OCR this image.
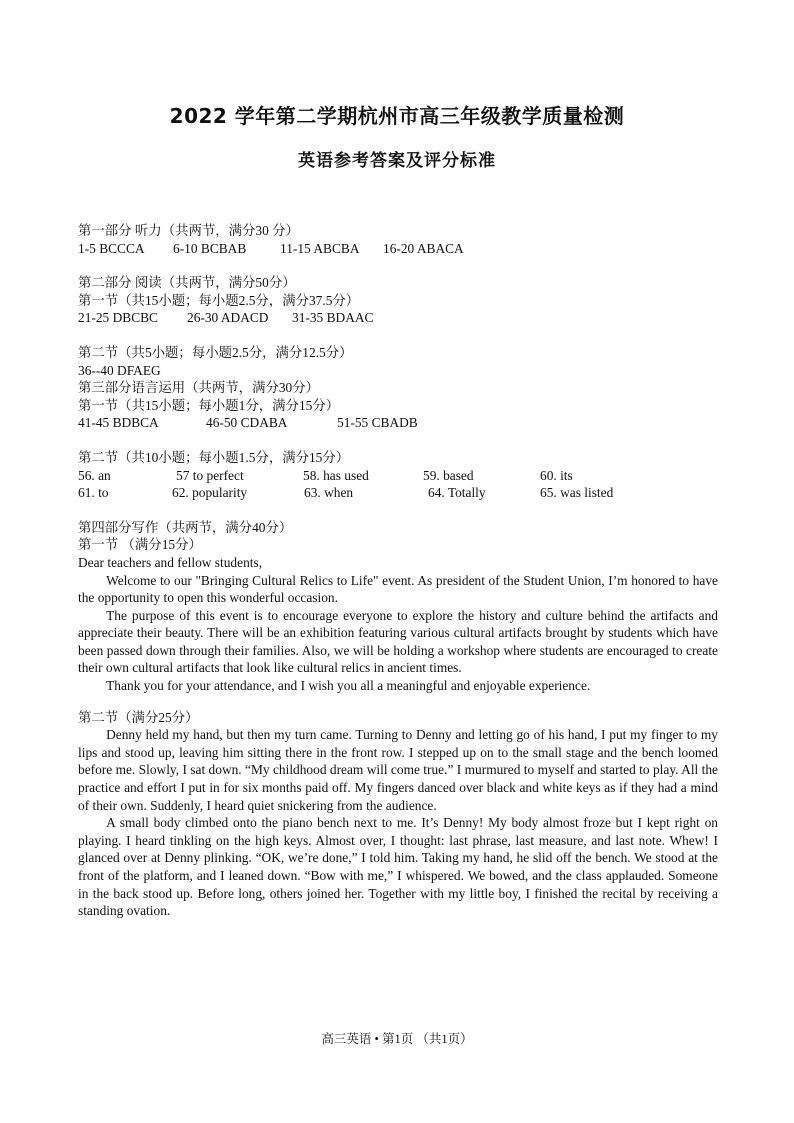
2022 学年第二学期杭州市高三年级教学质量检测
英语参考答案及评分标准
第一部分 听力（共两节，满分30 分）
1-5 BCCCA 6-10 BCBAB	11-15 ABCBA 16-20 ABACA
第二部分 阅读（共两节，满分50分）
第一节（共15小题；每小题2.5分，满分37.5分）
21-25 DBCBC 26-30 ADACD 31-35 BDAAC
第二节（共5小题；每小题2.5分，满分12.5分）
36--40 DFAEG
第三部分语言运用（共两节，满分30分）
第一节（共15小题；每小题1分，满分15分）
41-45 BDBCA	46-50 CDABA	51-55 CBADB
第二节（共10小题；每小题1.5分，满分15分）
56. an	57 to perfect	58. has used	59. based	60. its
61. to	62. popularity	63. when	64. Totally	65. was listed
第四部分写作（共两节，满分40分）
第一节 （满分15分）
Dear teachers and fellow students,

Welcome to our "Bringing Cultural Relics to Life" event. As president of the Student Union, I’m honored to have the opportunity to open this wonderful occasion.

The purpose of this event is to encourage everyone to explore the history and culture behind the artifacts and appreciate their beauty. There will be an exhibition featuring various cultural artifacts brought by students which have been passed down through their families. Also, we will be holding a workshop where students are encouraged to create their own cultural artifacts that look like cultural relics in ancient times.

Thank you for your attendance, and I wish you all a meaningful and enjoyable experience.

第二节（满分25分）

Denny held my hand, but then my turn came. Turning to Denny and letting go of his hand, I put my finger to my lips and stood up, leaving him sitting there in the front row. I stepped up on to the small stage and the bench loomed before me. Slowly, I sat down. “My childhood dream will come true.” I murmured to myself and started to play. All the practice and effort I put in for six months paid off. My fingers danced over black and white keys as if they had a mind of their own. Suddenly, I heard quiet snickering from the audience.

A small body climbed onto the piano bench next to me. It’s Denny! My body almost froze but I kept right on playing. I heard tinkling on the high keys. Almost over, I thought: last phrase, last measure, and last note. Whew! I glanced over at Denny plinking. “OK, we’re done,” I told him. Taking my hand, he slid off the bench. We stood at the front of the platform, and I leaned down. “Bow with me,” I whispered. We bowed, and the class applauded. Someone in the back stood up. Before long, others joined her. Together with my little boy, I finished the recital by receiving a standing ovation.

高三英语 • 第1页 （共1页）
